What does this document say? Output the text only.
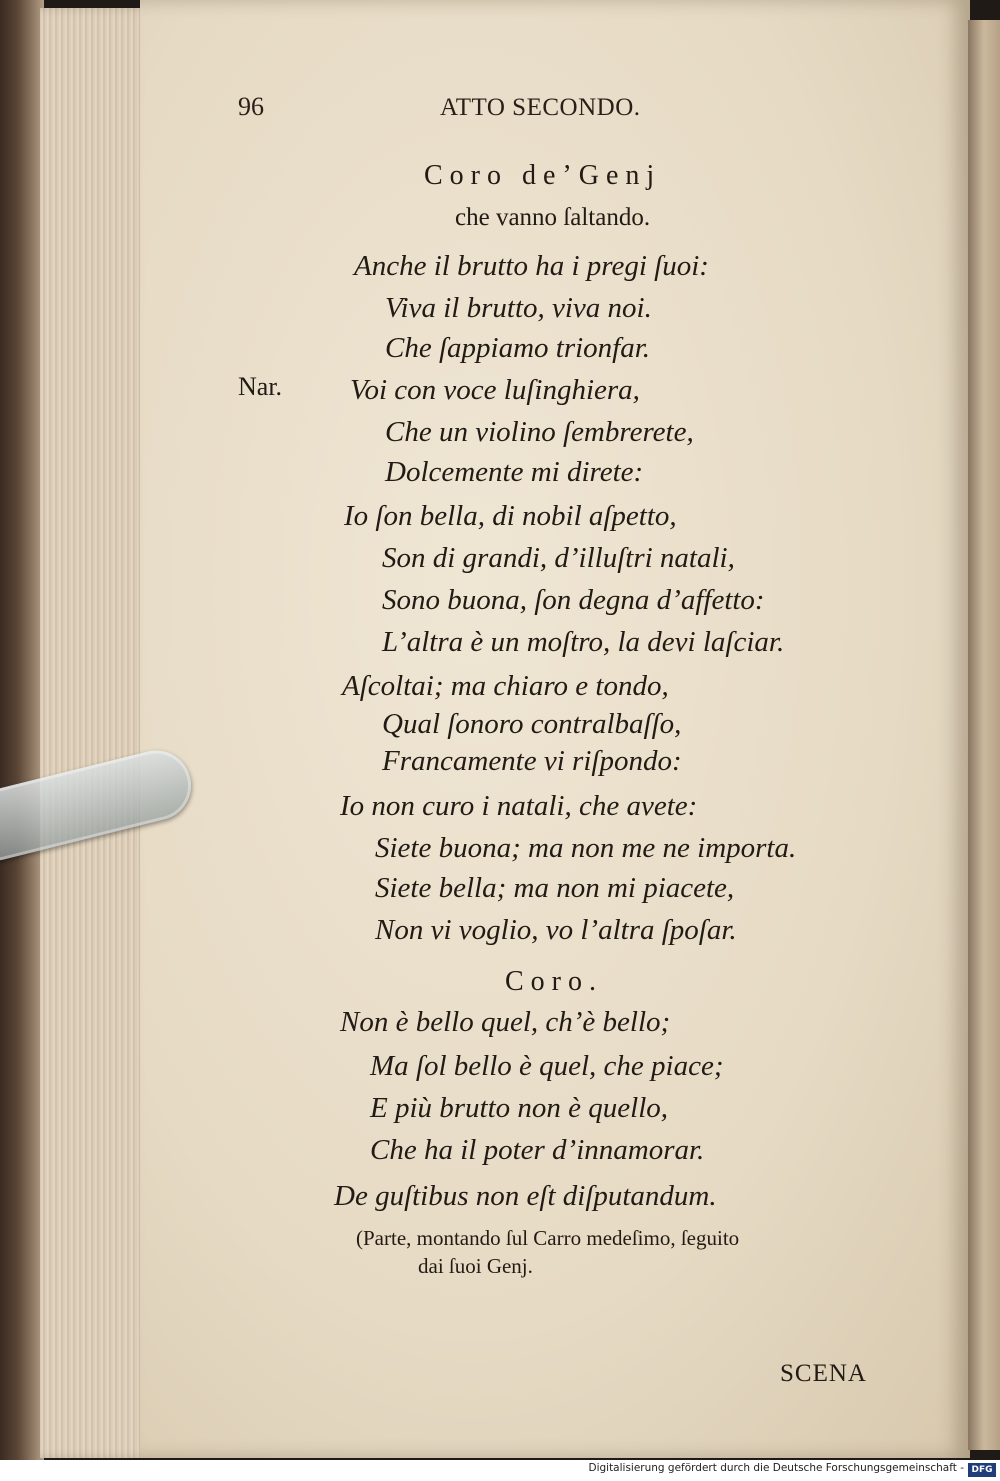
96	ATTO SECONDO.
Coro de’Genj
che vanno ſaltando.
Anche il brutto ha i pregi ſuoi:
Viva il brutto, viva noi.
Che ſappiamo trionfar.
Nar. Voi con voce luſinghiera,
Che un violino ſembrerete,
Dolcemente mi direte:
Io ſon bella, di nobil aſpetto,
Son di grandi, d’illuſtri natali,
Sono buona, ſon degna d’affetto:
L’altra è un moſtro, la devi laſciar.
Aſcoltai; ma chiaro e tondo,
Qual ſonoro contralbaſſo,
Francamente vi riſpondo:
Io non curo i natali, che avete:
Siete buona; ma non me ne importa.
Siete bella; ma non mi piacete,
Non vi voglio, vo l’altra ſpoſar.
Coro.
Non è bello quel, ch’è bello;
Ma ſol bello è quel, che piace;
E più brutto non è quello,
Che ha il poter d’innamorar.
De guſtibus non eſt diſputandum.
(Parte, montando ſul Carro medeſimo, ſeguito
dai ſuoi Genj.
SCENA
Digitalisierung gefördert durch die Deutsche Forschungsgemeinschaft - DFG
